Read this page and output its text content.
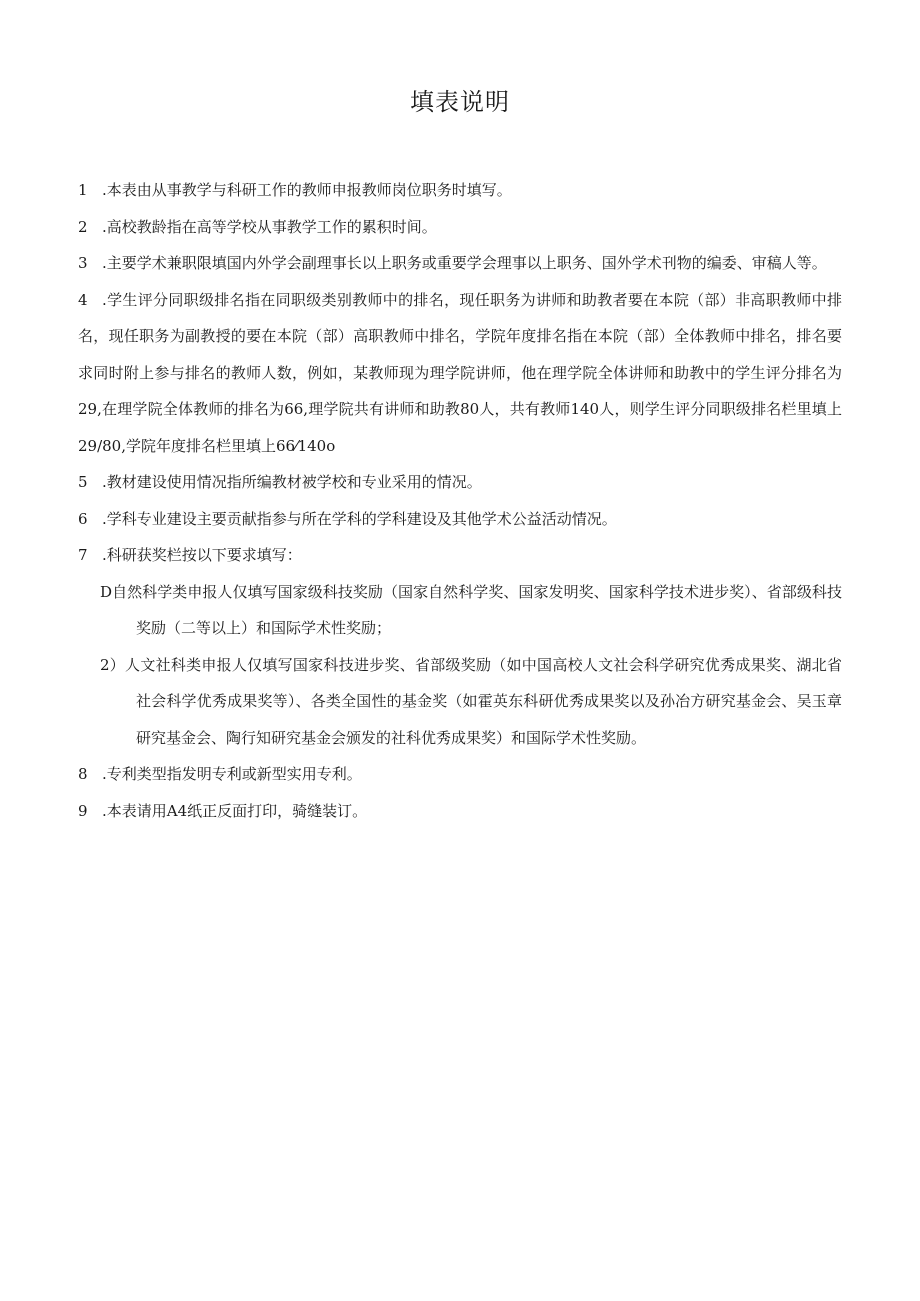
填表说明

1 .本表由从事教学与科研工作的教师申报教师岗位职务时填写。

2 .高校教龄指在高等学校从事教学工作的累积时间。

3 .主要学术兼职限填国内外学会副理事长以上职务或重要学会理事以上职务、国外学术刊物的编委、审稿人等。

4 .学生评分同职级排名指在同职级类别教师中的排名，现任职务为讲师和助教者要在本院（部）非高职教师中排名，现任职务为副教授的要在本院（部）高职教师中排名，学院年度排名指在本院（部）全体教师中排名，排名要求同时附上参与排名的教师人数，例如，某教师现为理学院讲师，他在理学院全体讲师和助教中的学生评分排名为29,在理学院全体教师的排名为66,理学院共有讲师和助教80人，共有教师140人，则学生评分同职级排名栏里填上29/80,学院年度排名栏里填上66⁄140o

5 .教材建设使用情况指所编教材被学校和专业采用的情况。

6 .学科专业建设主要贡献指参与所在学科的学科建设及其他学术公益活动情况。

7 .科研获奖栏按以下要求填写：

D自然科学类申报人仅填写国家级科技奖励（国家自然科学奖、国家发明奖、国家科学技术进步奖）、省部级科技奖励（二等以上）和国际学术性奖励；

2）人文社科类申报人仅填写国家科技进步奖、省部级奖励（如中国高校人文社会科学研究优秀成果奖、湖北省社会科学优秀成果奖等）、各类全国性的基金奖（如霍英东科研优秀成果奖以及孙冶方研究基金会、吴玉章研究基金会、陶行知研究基金会颁发的社科优秀成果奖）和国际学术性奖励。

8 .专利类型指发明专利或新型实用专利。

9 .本表请用A4纸正反面打印，骑缝装订。
